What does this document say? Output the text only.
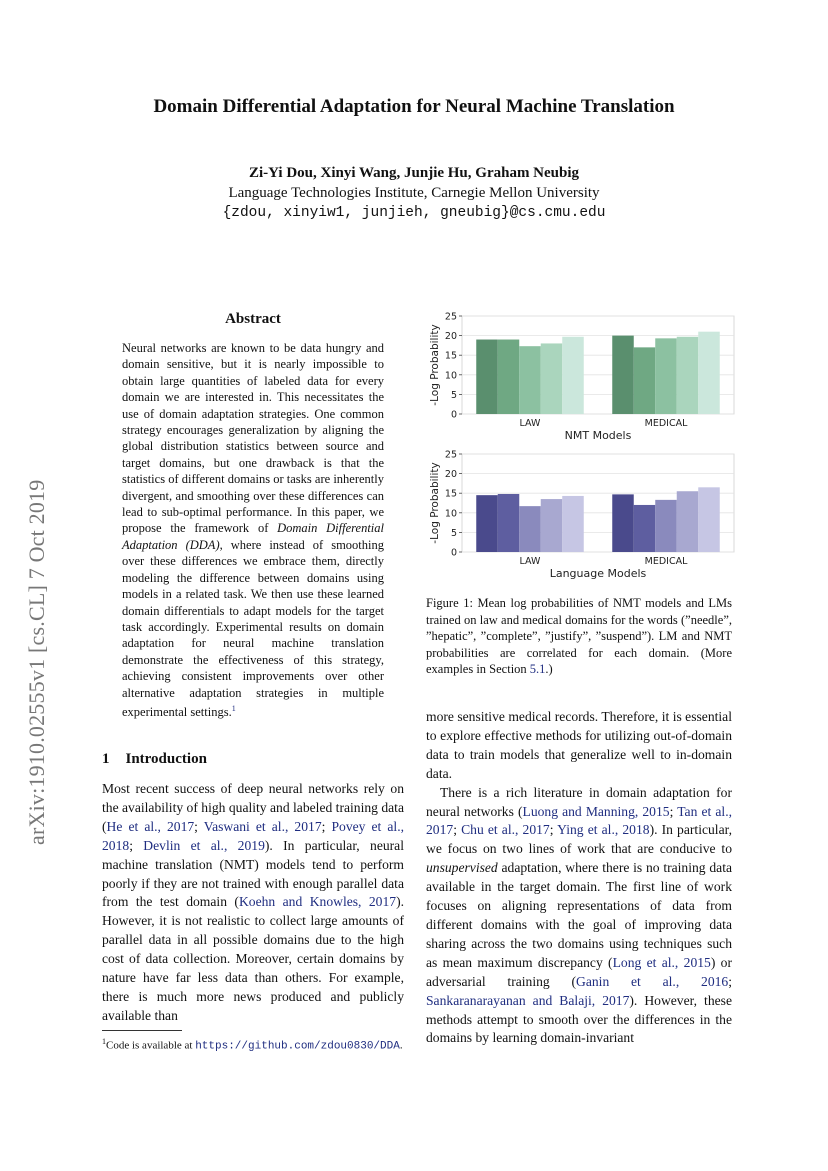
arXiv:1910.02555v1 [cs.CL] 7 Oct 2019
Domain Differential Adaptation for Neural Machine Translation
Zi-Yi Dou, Xinyi Wang, Junjie Hu, Graham Neubig
Language Technologies Institute, Carnegie Mellon University
{zdou, xinyiw1, junjieh, gneubig}@cs.cmu.edu
Abstract

Neural networks are known to be data hungry and domain sensitive, but it is nearly impossible to obtain large quantities of labeled data for every domain we are interested in. This necessitates the use of domain adaptation strategies. One common strategy encourages generalization by aligning the global distribution statistics between source and target domains, but one drawback is that the statistics of different domains or tasks are inherently divergent, and smoothing over these differences can lead to sub-optimal performance. In this paper, we propose the framework of Domain Differential Adaptation (DDA), where instead of smoothing over these differences we embrace them, directly modeling the difference between domains using models in a related task. We then use these learned domain differentials to adapt models for the target task accordingly. Experimental results on domain adaptation for neural machine translation demonstrate the effectiveness of this strategy, achieving consistent improvements over other alternative adaptation strategies in multiple experimental settings.$^1$

1 Introduction

Most recent success of deep neural networks rely on the availability of high quality and labeled training data (He et al., 2017; Vaswani et al., 2017; Povey et al., 2018; Devlin et al., 2019). In particular, neural machine translation (NMT) models tend to perform poorly if they are not trained with enough parallel data from the test domain (Koehn and Knowles, 2017). However, it is not realistic to collect large amounts of parallel data in all possible domains due to the high cost of data collection. Moreover, certain domains by nature have far less data than others. For example, there is much more news produced and publicly available than

$^1$Code is available at https://github.com/zdou0830/DDA.
0
5
10
15
20
25
LAW	MEDICAL
NMT Models
-Log Probability
0
5
10
15
20
25
LAW	MEDICAL
Language Models
-Log Probability
Figure 1: Mean log probabilities of NMT models and LMs trained on law and medical domains for the words (”needle”, ”hepatic”, ”complete”, ”justify”, ”suspend”). LM and NMT probabilities are correlated for each domain. (More examples in Section 5.1.)

more sensitive medical records. Therefore, it is essential to explore effective methods for utilizing out-of-domain data to train models that generalize well to in-domain data.

There is a rich literature in domain adaptation for neural networks (Luong and Manning, 2015; Tan et al., 2017; Chu et al., 2017; Ying et al., 2018). In particular, we focus on two lines of work that are conducive to unsupervised adaptation, where there is no training data available in the target domain. The first line of work focuses on aligning representations of data from different domains with the goal of improving data sharing across the two domains using techniques such as mean maximum discrepancy (Long et al., 2015) or adversarial training (Ganin et al., 2016; Sankaranarayanan and Balaji, 2017). However, these methods attempt to smooth over the differences in the domains by learning domain-invariant
